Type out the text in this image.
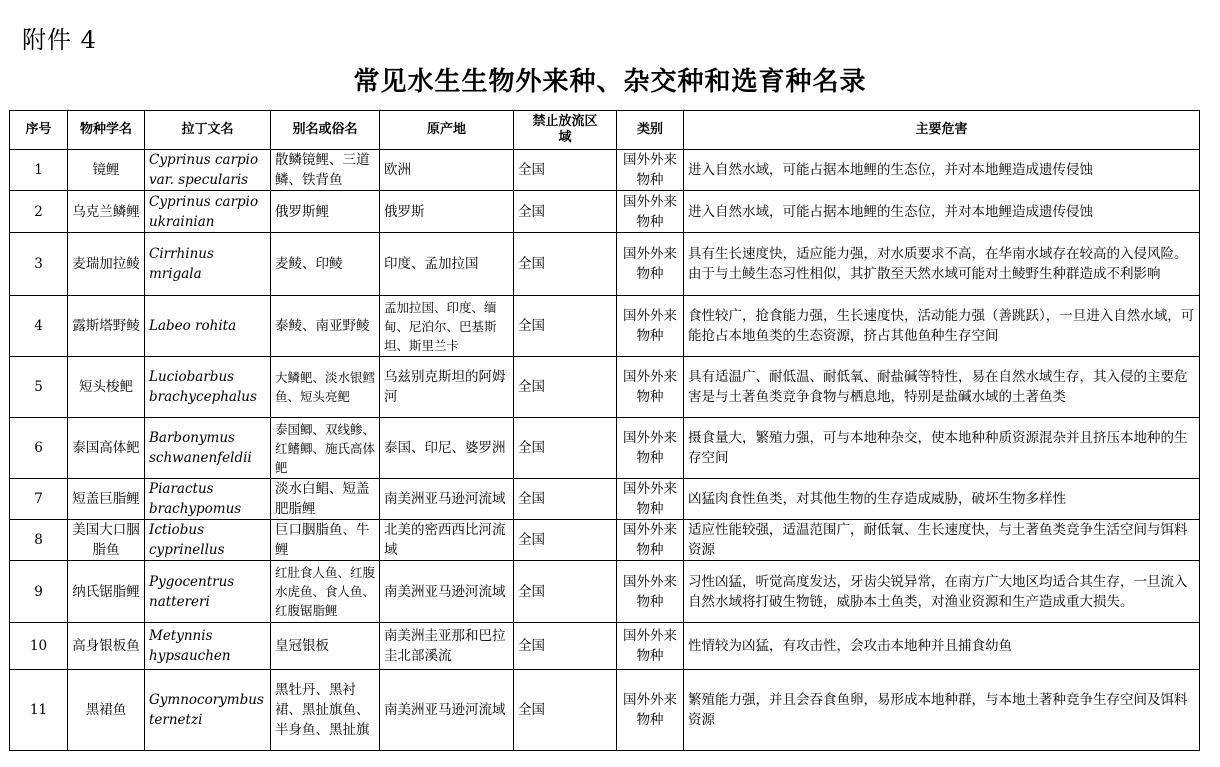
附件 4
常见水生生物外来种、杂交种和选育种名录
序号	物种学名	拉丁文名	别名或俗名	原产地	禁止放流区域	类别	主要危害
1	镜鲤	Cyprinus carpio var. specularis	散鳞镜鲤、三道鳞、铁背鱼	欧洲	全国	国外外来物种	进入自然水域，可能占据本地鲤的生态位，并对本地鲤造成遗传侵蚀
2	乌克兰鳞鲤	Cyprinus carpio ukrainian	俄罗斯鲤	俄罗斯	全国	国外外来物种	进入自然水域，可能占据本地鲤的生态位，并对本地鲤造成遗传侵蚀
3	麦瑞加拉鲮	Cirrhinus mrigala	麦鲮、印鲮	印度、孟加拉国	全国	国外外来物种	具有生长速度快，适应能力强，对水质要求不高，在华南水域存在较高的入侵风险。由于与土鲮生态习性相似，其扩散至天然水域可能对土鲮野生种群造成不利影响
4	露斯塔野鲮	Labeo rohita	泰鲮、南亚野鲮	孟加拉国、印度、缅甸、尼泊尔、巴基斯坦、斯里兰卡	全国	国外外来物种	食性较广，抢食能力强，生长速度快，活动能力强（善跳跃），一旦进入自然水域，可能抢占本地鱼类的生态资源，挤占其他鱼种生存空间
5	短头梭鲃	Luciobarbus brachycephalus	大鳞鲃、淡水银鳕鱼、短头亮鲃	乌兹别克斯坦的阿姆河	全国	国外外来物种	具有适温广、耐低温、耐低氧、耐盐碱等特性，易在自然水域生存，其入侵的主要危害是与土著鱼类竞争食物与栖息地，特别是盐碱水域的土著鱼类
6	泰国高体鲃	Barbonymus schwanenfeldii	泰国鲫、双线鲹、红鳍鲫、施氏高体鲃	泰国、印尼、婆罗洲	全国	国外外来物种	摄食量大，繁殖力强，可与本地种杂交，使本地种种质资源混杂并且挤压本地种的生存空间
7	短盖巨脂鲤	Piaractus brachypomus	淡水白鲳、短盖肥脂鲤	南美洲亚马逊河流域	全国	国外外来物种	凶猛肉食性鱼类，对其他生物的生存造成威胁，破坏生物多样性
8	美国大口胭脂鱼	Ictiobus cyprinellus	巨口胭脂鱼、牛鲤	北美的密西西比河流域	全国	国外外来物种	适应性能较强，适温范围广，耐低氧、生长速度快，与土著鱼类竞争生活空间与饵料资源
9	纳氏锯脂鲤	Pygocentrus nattereri	红肚食人鱼、红腹水虎鱼、食人鱼、红腹锯脂鲤	南美洲亚马逊河流域	全国	国外外来物种	习性凶猛，听觉高度发达，牙齿尖锐异常，在南方广大地区均适合其生存，一旦流入自然水域将打破生物链，威胁本土鱼类，对渔业资源和生产造成重大损失。
10	高身银板鱼	Metynnis hypsauchen	皇冠银板	南美洲圭亚那和巴拉圭北部溪流	全国	国外外来物种	性情较为凶猛，有攻击性，会攻击本地种并且捕食幼鱼
11	黑裙鱼	Gymnocorymbus ternetzi	黑牡丹、黑衬裙、黑扯旗鱼、半身鱼、黑扯旗	南美洲亚马逊河流域	全国	国外外来物种	繁殖能力强，并且会吞食鱼卵，易形成本地种群，与本地土著种竞争生存空间及饵料资源
